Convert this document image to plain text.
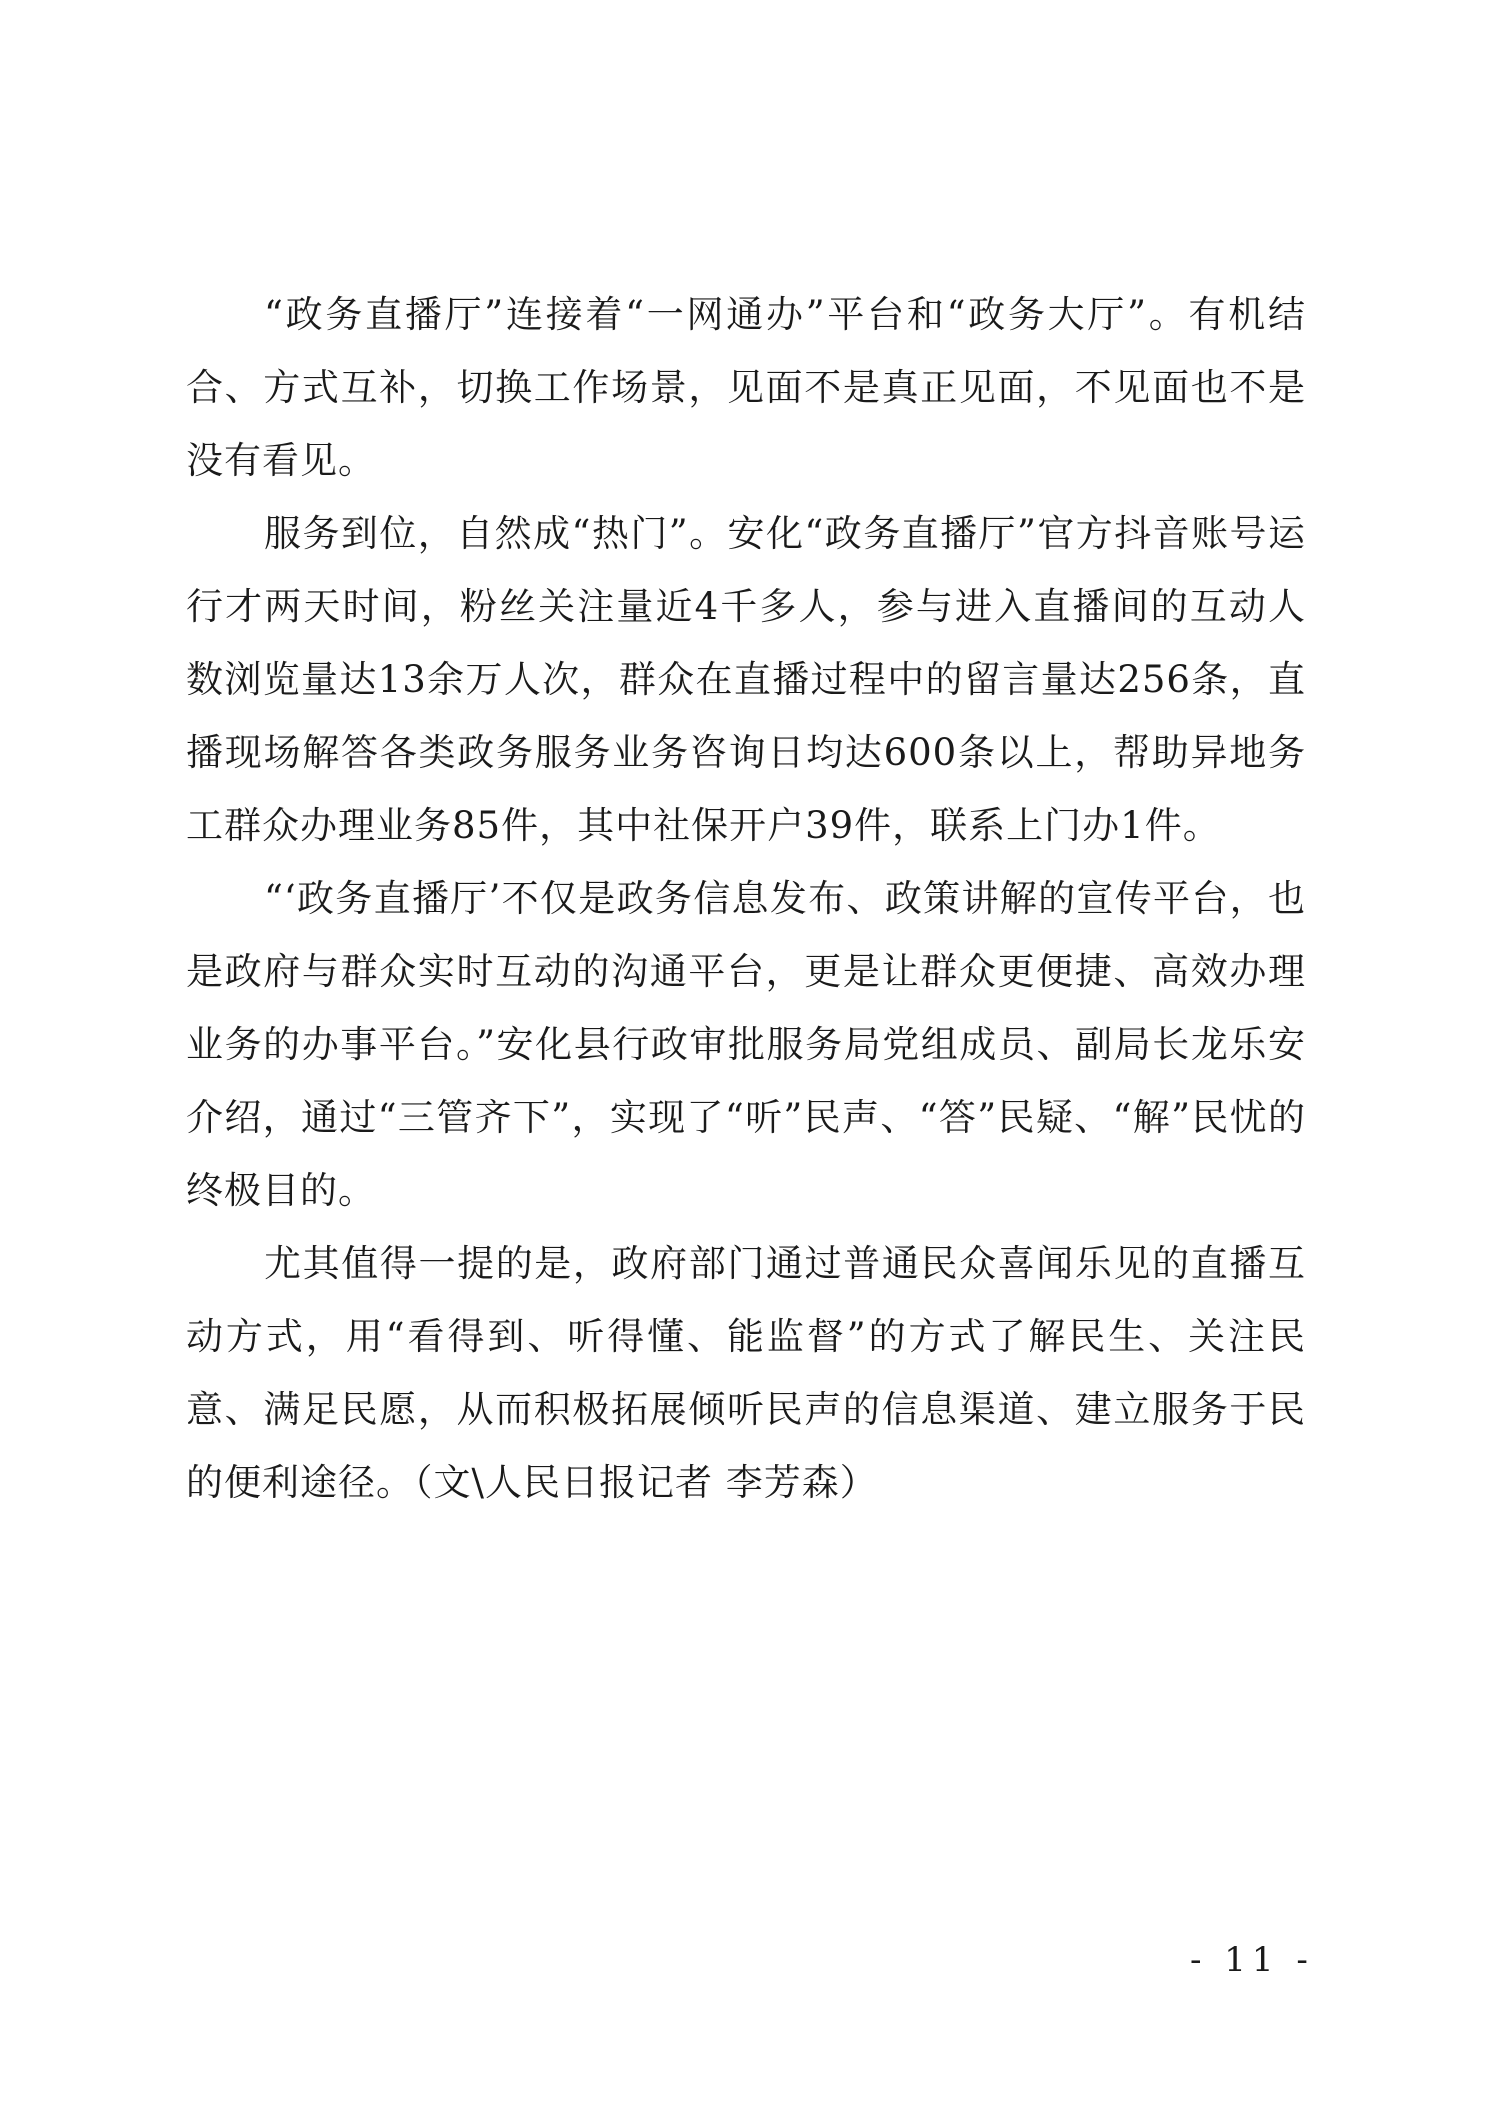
“政务直播厅”连接着“一网通办”平台和“政务大厅”。有机结合、方式互补，切换工作场景，见面不是真正见面，不见面也不是没有看见。

服务到位，自然成“热门”。安化“政务直播厅”官方抖音账号运行才两天时间，粉丝关注量近4千多人，参与进入直播间的互动人数浏览量达13余万人次，群众在直播过程中的留言量达256条，直播现场解答各类政务服务业务咨询日均达600条以上，帮助异地务工群众办理业务85件，其中社保开户39件，联系上门办1件。

“‘政务直播厅’不仅是政务信息发布、政策讲解的宣传平台，也是政府与群众实时互动的沟通平台，更是让群众更便捷、高效办理业务的办事平台。”安化县行政审批服务局党组成员、副局长龙乐安介绍，通过“三管齐下”，实现了“听”民声、“答”民疑、“解”民忧的终极目的。

尤其值得一提的是，政府部门通过普通民众喜闻乐见的直播互动方式，用“看得到、听得懂、能监督”的方式了解民生、关注民意、满足民愿，从而积极拓展倾听民声的信息渠道、建立服务于民的便利途径。（文\人民日报记者 李芳森）

- 11 -
